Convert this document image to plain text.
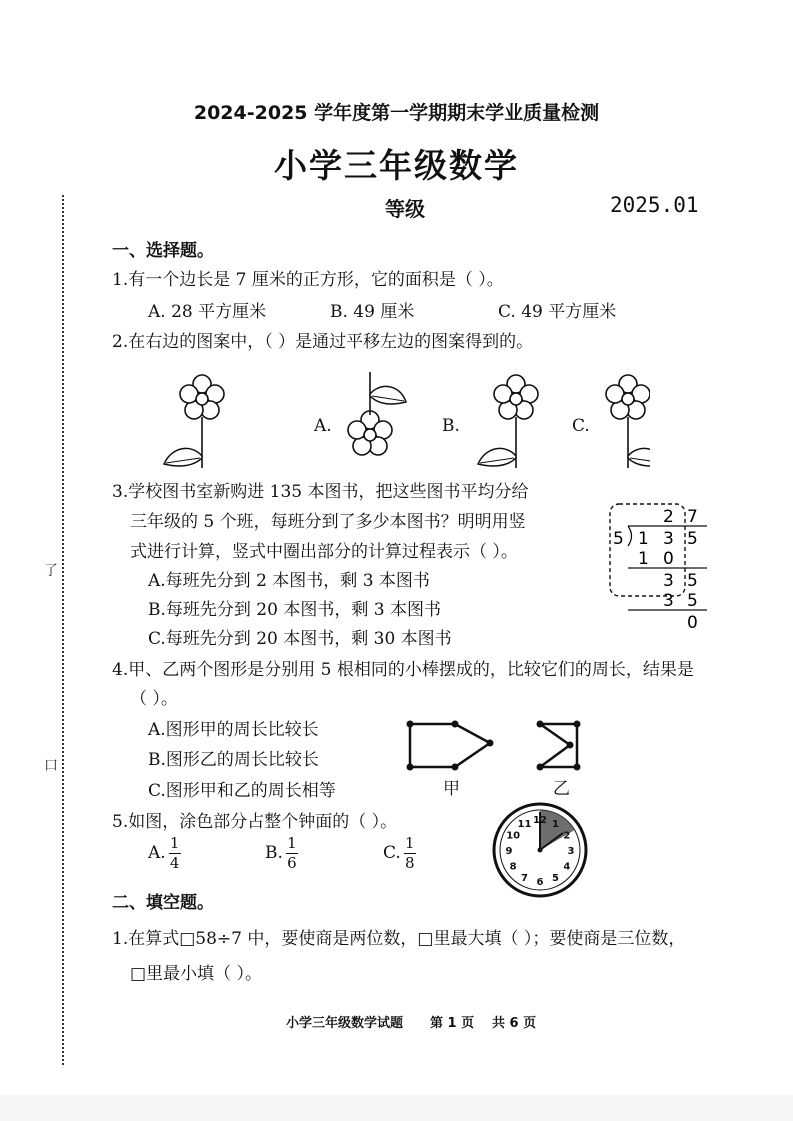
2024-2025 学年度第一学期期末学业质量检测
小学三年级数学
等级	2025.01
了
口
一、选择题。
1.有一个边长是 7 厘米的正方形，它的面积是（ ）。
A. 28 平方厘米	B. 49 厘米	C. 49 平方厘米
2.在右边的图案中，（ ）是通过平移左边的图案得到的。
A.	B.	C.
3.学校图书室新购进 135 本图书，把这些图书平均分给
三年级的 5 个班，每班分到了多少本图书？明明用竖
式进行计算，竖式中圈出部分的计算过程表示（ ）。
A.每班先分到 2 本图书，剩 3 本图书
B.每班先分到 20 本图书，剩 3 本图书
C.每班先分到 20 本图书，剩 30 本图书
2 7
5 1 3 5
1 0
3 5
3 5
0
4.甲、乙两个图形是分别用 5 根相同的小棒摆成的，比较它们的周长，结果是
（ ）。
A.图形甲的周长比较长
B.图形乙的周长比较长
C.图形甲和乙的周长相等	甲	乙
5.如图，涂色部分占整个钟面的（ ）。
A. $\frac{1}{4}$	B. $\frac{1}{6}$	C. $\frac{1}{8}$
12 1
2
3
4
5
6
7
8
9
10
11
二、填空题。
1.在算式□58÷7 中，要使商是两位数，□里最大填（ ）；要使商是三位数，
□里最小填（ ）。
小学三年级数学试题 第 1 页 共 6 页
